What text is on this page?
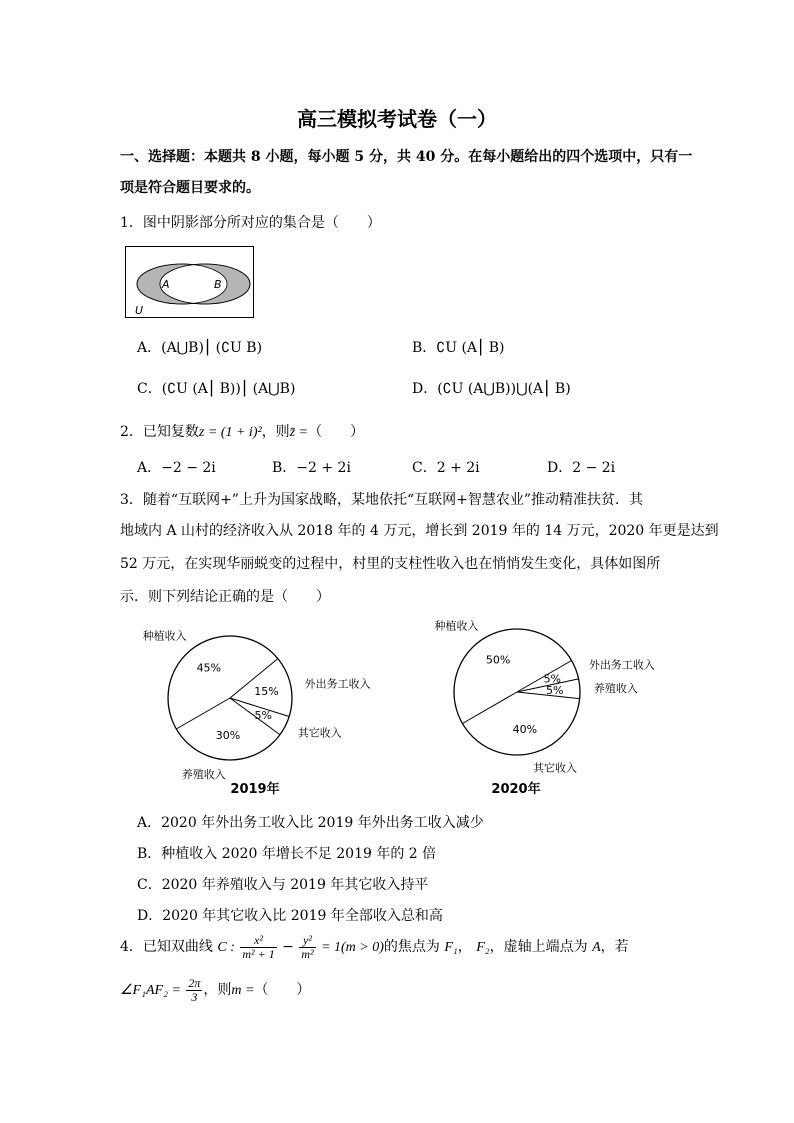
高三模拟考试卷（一）
一、选择题：本题共 8 小题，每小题 5 分，共 40 分。在每小题给出的四个选项中，只有一
项是符合题目要求的。
1．图中阴影部分所对应的集合是（　　）
A	B
U
A．(A⋃B)⎮ (∁U B)	B．∁U (A⎮ B)
C．(∁U (A⎮ B))⎮ (A⋃B)	D．(∁U (A⋃B))⋃(A⎮ B)
2．已知复数z = (1 + i)²，则z̄ =（　　）
A．−2 − 2i	B．−2 + 2i	C．2 + 2i	D．2 − 2i
3．随着“互联网+”上升为国家战略，某地依托“互联网+智慧农业”推动精准扶贫．其
地域内 A 山村的经济收入从 2018 年的 4 万元，增长到 2019 年的 14 万元，2020 年更是达到
52 万元，在实现华丽蜕变的过程中，村里的支柱性收入也在悄悄发生变化，具体如图所
示．则下列结论正确的是（　　）
45%
种植收入
15%
外出务工收入
5%
其它收入
30%
养殖收入
50%
种植收入
5%
外出务工收入
5%	养殖收入
40%
其它收入
2019年	2020年
A．2020 年外出务工收入比 2019 年外出务工收入减少
B．种植收入 2020 年增长不足 2019 年的 2 倍
C．2020 年养殖收入与 2019 年其它收入持平
D．2020 年其它收入比 2019 年全部收入总和高
4．已知双曲线 C : $\frac{\text{x²}}{\text{m² + 1}} - \frac{\text{y²}}{\text{m²}} = 1(m > 0)$的焦点为 F₁， F₂，虚轴上端点为 A，若
∠F₁AF₂ = $\frac{2\pi}{3}$ ，则m =（　　）
